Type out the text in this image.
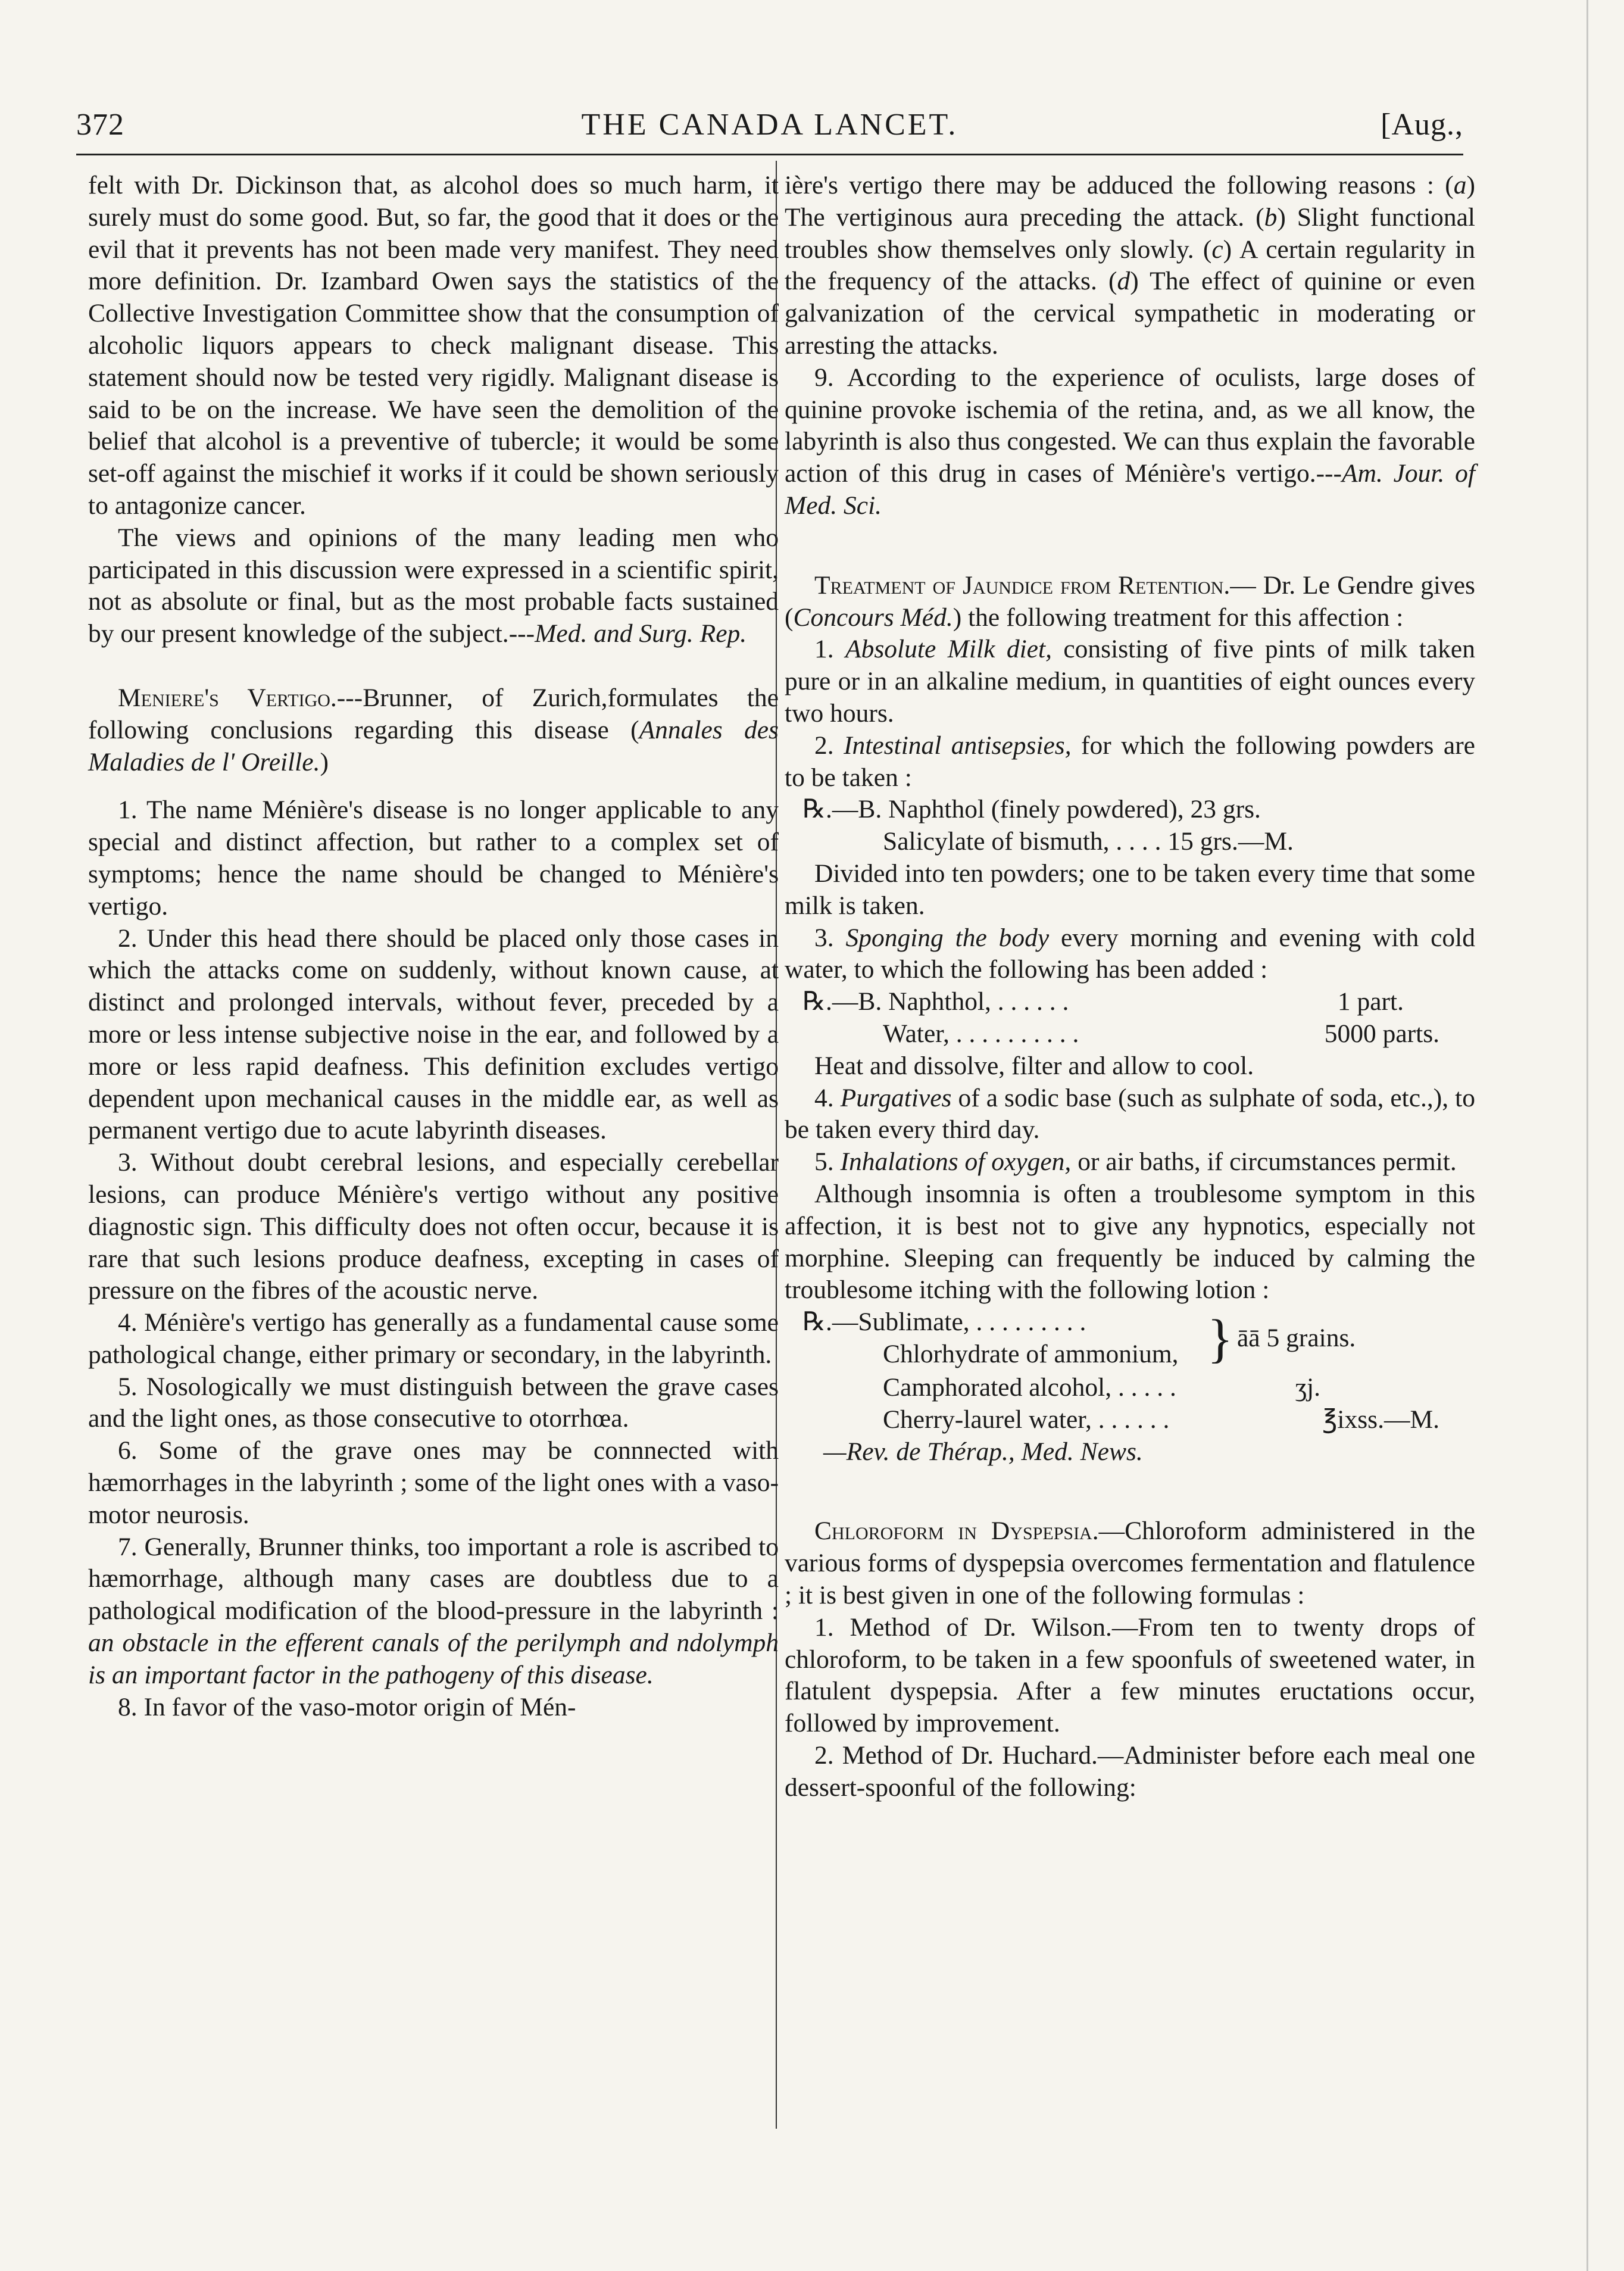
372	THE CANADA LANCET.	[Aug.,

felt with Dr. Dickinson that, as alcohol does so much harm, it surely must do some good. But, so far, the good that it does or the evil that it prevents has not been made very manifest. They need more definition. Dr. Izambard Owen says the statistics of the Collective Investigation Committee show that the consumption of alcoholic liquors appears to check malignant disease. This statement should now be tested very rigidly. Malignant disease is said to be on the increase. We have seen the demolition of the belief that alcohol is a preventive of tubercle; it would be some set-off against the mischief it works if it could be shown seriously to antagonize cancer.

The views and opinions of the many leading men who participated in this discussion were expressed in a scientific spirit, not as absolute or final, but as the most probable facts sustained by our present knowledge of the subject.---Med. and Surg. Rep.

Meniere's Vertigo.---Brunner, of Zurich,formulates the following conclusions regarding this disease (Annales des Maladies de l' Oreille.)

1. The name Ménière's disease is no longer applicable to any special and distinct affection, but rather to a complex set of symptoms; hence the name should be changed to Ménière's vertigo.

2. Under this head there should be placed only those cases in which the attacks come on suddenly, without known cause, at distinct and prolonged intervals, without fever, preceded by a more or less intense subjective noise in the ear, and followed by a more or less rapid deafness. This definition excludes vertigo dependent upon mechanical causes in the middle ear, as well as permanent vertigo due to acute labyrinth diseases.

3. Without doubt cerebral lesions, and especially cerebellar lesions, can produce Ménière's vertigo without any positive diagnostic sign. This difficulty does not often occur, because it is rare that such lesions produce deafness, excepting in cases of pressure on the fibres of the acoustic nerve.

4. Ménière's vertigo has generally as a fundamental cause some pathological change, either primary or secondary, in the labyrinth.

5. Nosologically we must distinguish between the grave cases and the light ones, as those consecutive to otorrhœa.

6. Some of the grave ones may be connnected with hæmorrhages in the labyrinth ; some of the light ones with a vaso-motor neurosis.

7. Generally, Brunner thinks, too important a role is ascribed to hæmorrhage, although many cases are doubtless due to a pathological modification of the blood-pressure in the labyrinth : an obstacle in the efferent canals of the perilymph and ndolymph is an important factor in the pathogeny of this disease.

8. In favor of the vaso-motor origin of Mén-

ière's vertigo there may be adduced the following reasons : (a) The vertiginous aura preceding the attack. (b) Slight functional troubles show themselves only slowly. (c) A certain regularity in the frequency of the attacks. (d) The effect of quinine or even galvanization of the cervical sympathetic in moderating or arresting the attacks.

9. According to the experience of oculists, large doses of quinine provoke ischemia of the retina, and, as we all know, the labyrinth is also thus congested. We can thus explain the favorable action of this drug in cases of Ménière's vertigo.---Am. Jour. of Med. Sci.

Treatment of Jaundice from Retention.— Dr. Le Gendre gives (Concours Méd.) the following treatment for this affection :

1. Absolute Milk diet, consisting of five pints of milk taken pure or in an alkaline medium, in quantities of eight ounces every two hours.

2. Intestinal antisepsies, for which the following powders are to be taken :

℞.—B. Naphthol (finely powdered), 23 grs.

Salicylate of bismuth, . . . . 15 grs.—M.

Divided into ten powders; one to be taken every time that some milk is taken.

3. Sponging the body every morning and evening with cold water, to which the following has been added :

℞.—B. Naphthol, . . . . . .	1 part.

Water, . . . . . . . . . .	5000 parts.

Heat and dissolve, filter and allow to cool.

4. Purgatives of a sodic base (such as sulphate of soda, etc.,), to be taken every third day.

5. Inhalations of oxygen, or air baths, if circumstances permit.

Although insomnia is often a troublesome symptom in this affection, it is best not to give any hypnotics, especially not morphine. Sleeping can frequently be induced by calming the troublesome itching with the following lotion :

℞.—Sublimate, . . . . . . . . .
Chlorhydrate of ammonium, } āā 5 grains.

Camphorated alcohol, . . . . .	ʒj.

Cherry-laurel water, . . . . . .	℥ixss.—M.

—Rev. de Thérap., Med. News.

Chloroform in Dyspepsia.—Chloroform administered in the various forms of dyspepsia overcomes fermentation and flatulence ; it is best given in one of the following formulas :

1. Method of Dr. Wilson.—From ten to twenty drops of chloroform, to be taken in a few spoonfuls of sweetened water, in flatulent dyspepsia. After a few minutes eructations occur, followed by improvement.

2. Method of Dr. Huchard.—Administer before each meal one dessert-spoonful of the following:
